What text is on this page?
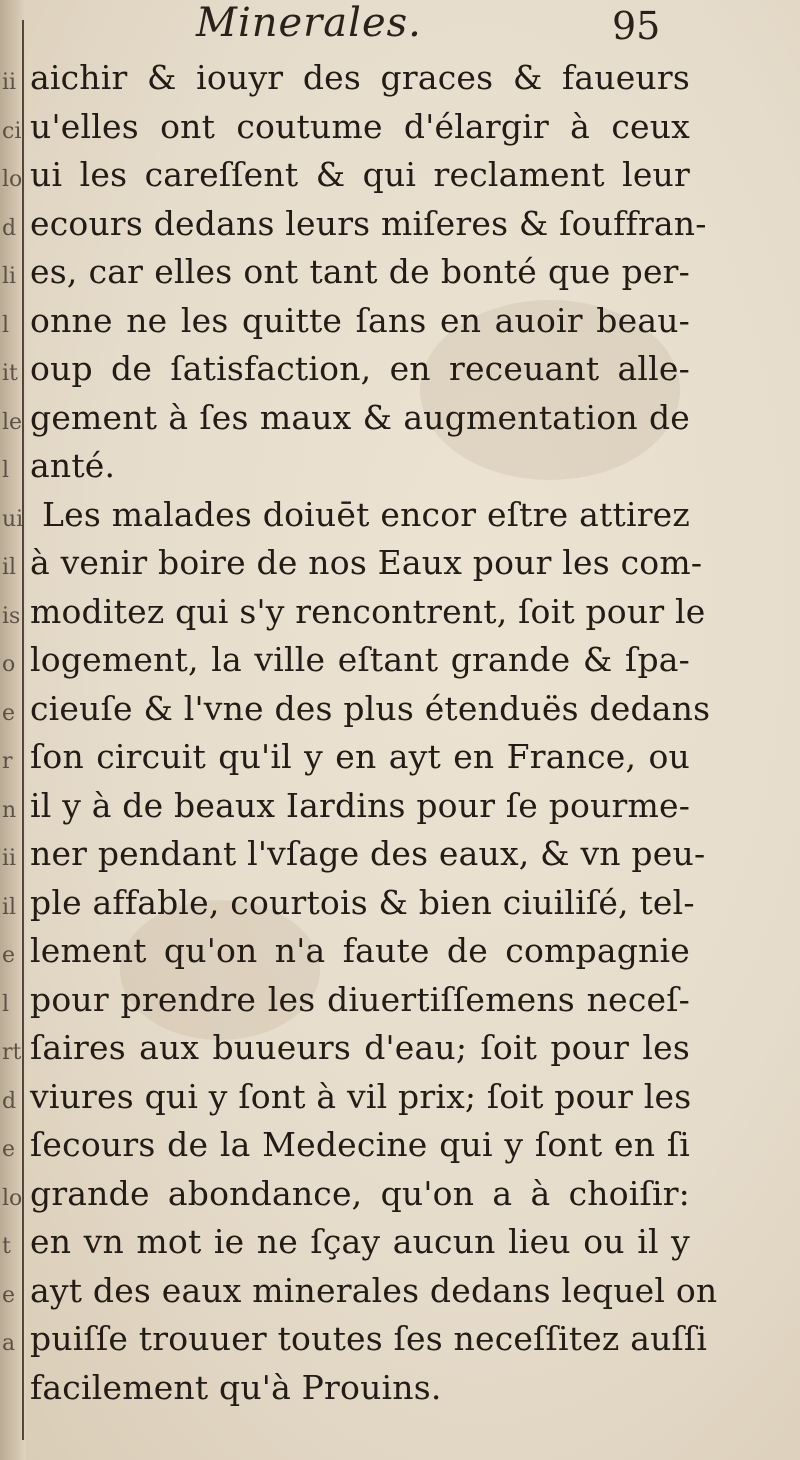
ii
ci
lo
d
li
l
it
le
l
ui
il
is
o
e
r
n
ii
il
e
l
rt
d
e
lo
t
e
a
Minerales.	95
aichir & iouyr des graces & faueurs
u'elles ont coutume d'élargir à ceux
ui les careſſent & qui reclament leur
ecours dedans leurs miſeres & ſouffran-
es, car elles ont tant de bonté que per-
onne ne les quitte ſans en auoir beau-
oup de ſatisfaction, en receuant alle-
gement à ſes maux & augmentation de
anté.
Les malades doiuēt encor eſtre attirez
à venir boire de nos Eaux pour les com-
moditez qui s'y rencontrent, ſoit pour le
logement, la ville eſtant grande & ſpa-
cieuſe & l'vne des plus étenduës dedans
ſon circuit qu'il y en ayt en France, ou
il y à de beaux Iardins pour ſe pourme-
ner pendant l'vſage des eaux, & vn peu-
ple affable, courtois & bien ciuiliſé, tel-
lement qu'on n'a faute de compagnie
pour prendre les diuertiſſemens neceſ-
ſaires aux buueurs d'eau; ſoit pour les
viures qui y ſont à vil prix; ſoit pour les
ſecours de la Medecine qui y ſont en ſi
grande abondance, qu'on a à choiſir:
en vn mot ie ne ſçay aucun lieu ou il y
ayt des eaux minerales dedans lequel on
puiſſe trouuer toutes ſes neceſſitez auſſi
facilement qu'à Prouins.
